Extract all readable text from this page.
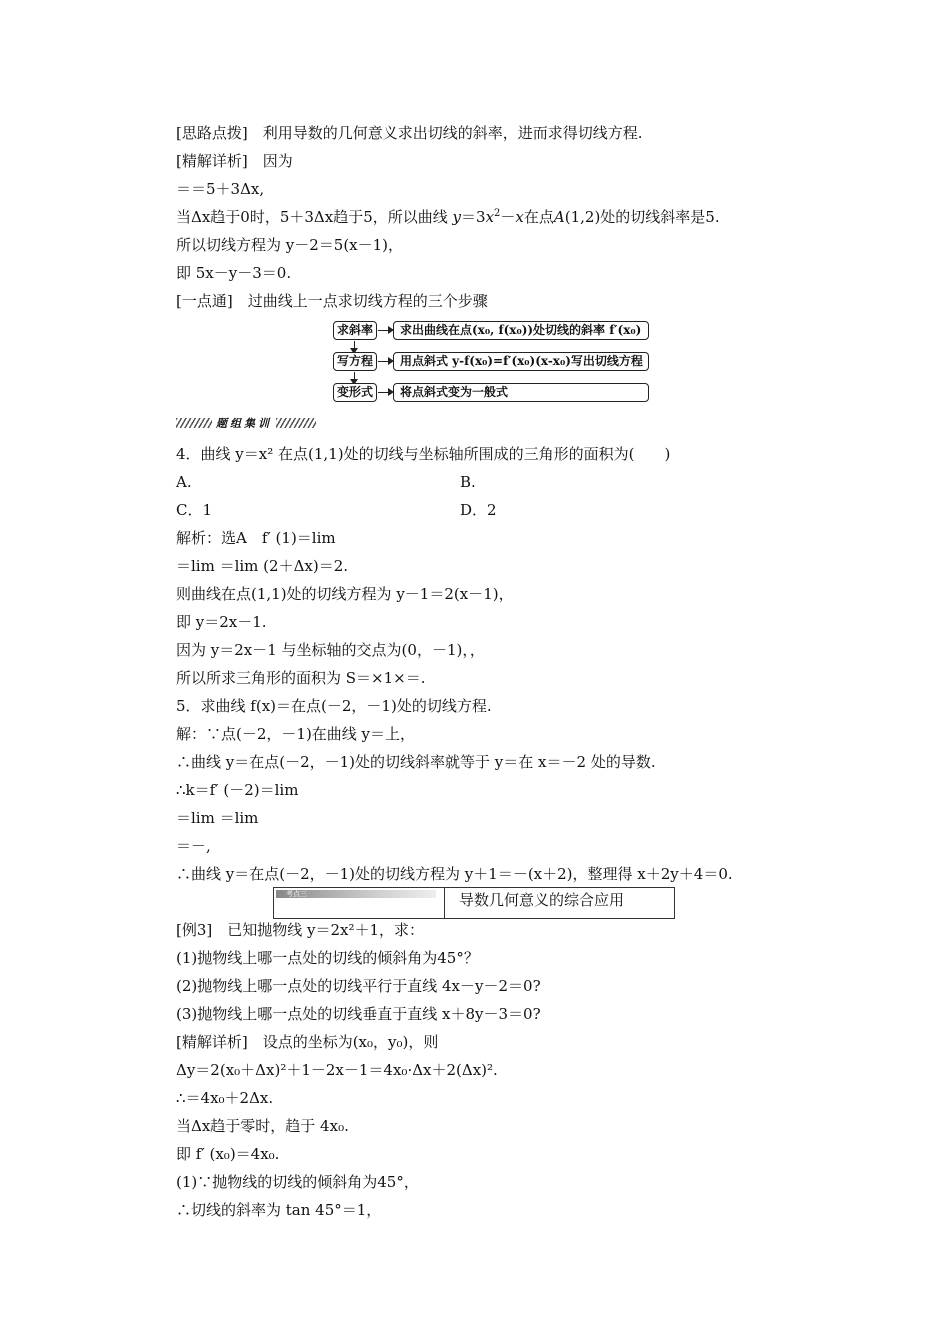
[思路点拨]　利用导数的几何意义求出切线的斜率，进而求得切线方程.
[精解详析]　因为
＝＝5＋3Δx,
当Δx趋于0时，5＋3Δx趋于5，所以曲线 $y=3x^2-x$在点A(1,2)处的切线斜率是5.
所以切线方程为 y－2＝5(x－1)，
即 5x－y－3＝0.
[一点通]　过曲线上一点求切线方程的三个步骤
求斜率	求出曲线在点(x₀, f(x₀))处切线的斜率 f′(x₀)
写方程	用点斜式 y-f(x₀)=f′(x₀)(x-x₀)写出切线方程
变形式	将点斜式变为一般式
题组集训
4．曲线 y＝x² 在点(1,1)处的切线与坐标轴所围成的三角形的面积为(　　)
A.	B.
C．1	D．2
解析：选A　f′ (1)＝lim
＝lim ＝lim (2＋Δx)＝2.
则曲线在点(1,1)处的切线方程为 y－1＝2(x－1)，
即 y＝2x－1.
因为 y＝2x－1 与坐标轴的交点为(0，－1)，，
所以所求三角形的面积为 S＝×1×＝.
5．求曲线 f(x)＝在点(－2，－1)处的切线方程.
解：∵点(－2，－1)在曲线 y＝上，
∴曲线 y＝在点(－2，－1)处的切线斜率就等于 y＝在 x＝－2 处的导数.
∴k＝f′ (－2)＝lim
＝lim ＝lim
＝－,
∴曲线 y＝在点(－2，－1)处的切线方程为 y＋1＝－(x＋2)，整理得 x＋2y＋4＝0.
考点三	导数几何意义的综合应用
[例3]　已知抛物线 y＝2x²＋1，求：
(1)抛物线上哪一点处的切线的倾斜角为45°？
(2)抛物线上哪一点处的切线平行于直线 4x－y－2＝0?
(3)抛物线上哪一点处的切线垂直于直线 x＋8y－3＝0?
[精解详析]　设点的坐标为(x₀，y₀)，则
Δy＝2(x₀＋Δx)²＋1－2x－1＝4x₀·Δx＋2(Δx)².
∴＝4x₀＋2Δx.
当Δx趋于零时，趋于 4x₀.
即 f′ (x₀)＝4x₀.
(1)∵抛物线的切线的倾斜角为45°，
∴切线的斜率为 tan 45°＝1，
